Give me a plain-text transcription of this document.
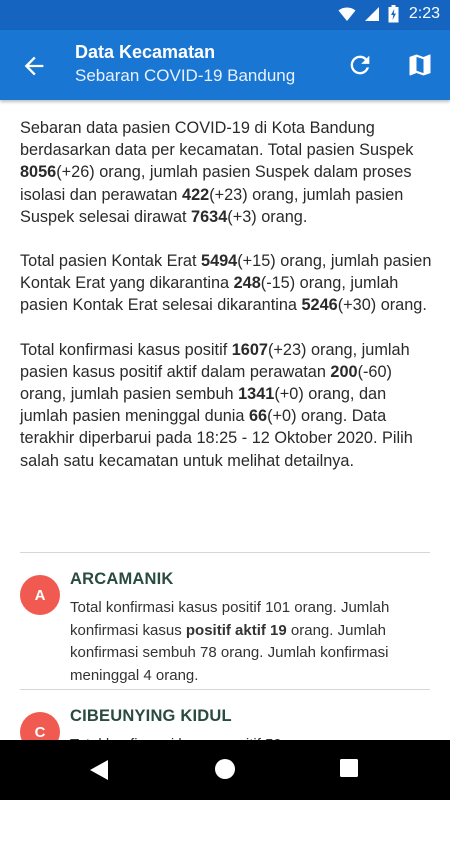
2:23
Data Kecamatan
Sebaran COVID-19 Bandung

Sebaran data pasien COVID-19 di Kota Bandung berdasarkan data per kecamatan. Total pasien Suspek 8056(+26) orang, jumlah pasien Suspek dalam proses isolasi dan perawatan 422(+23) orang, jumlah pasien Suspek selesai dirawat 7634(+3) orang.

Total pasien Kontak Erat 5494(+15) orang, jumlah pasien Kontak Erat yang dikarantina 248(-15) orang, jumlah pasien Kontak Erat selesai dikarantina 5246(+30) orang.

Total konfirmasi kasus positif 1607(+23) orang, jumlah pasien kasus positif aktif dalam perawatan 200(-60) orang, jumlah pasien sembuh 1341(+0) orang, dan jumlah pasien meninggal dunia 66(+0) orang. Data terakhir diperbarui pada 18:25 - 12 Oktober 2020. Pilih salah satu kecamatan untuk melihat detailnya.

A
ARCAMANIK
Total konfirmasi kasus positif 101 orang. Jumlah konfirmasi kasus positif aktif 19 orang. Jumlah konfirmasi sembuh 78 orang. Jumlah konfirmasi meninggal 4 orang.
C
CIBEUNYING KIDUL
